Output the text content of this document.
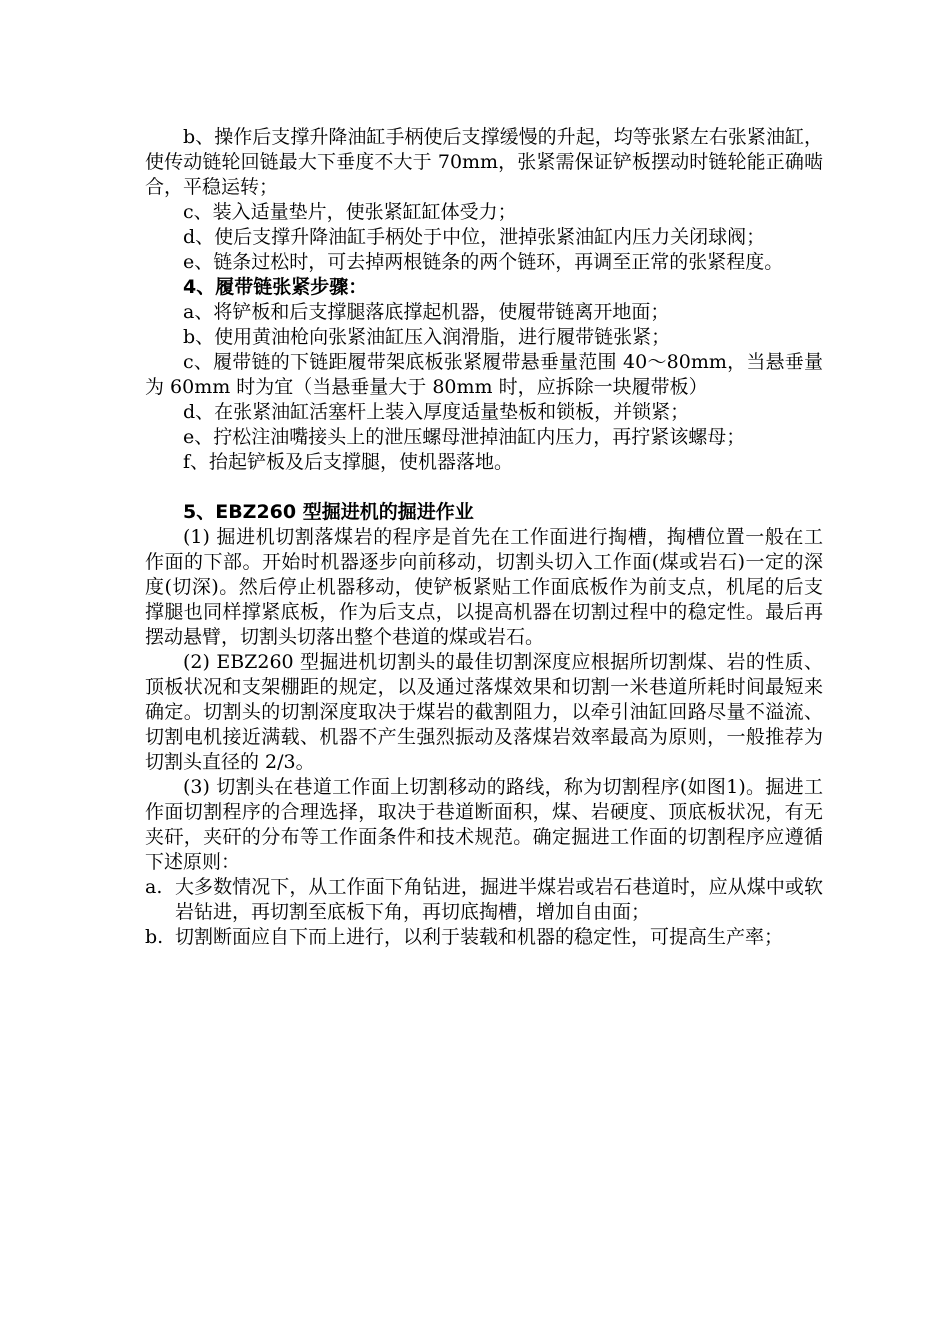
b、操作后支撑升降油缸手柄使后支撑缓慢的升起，均等张紧左右张紧油缸，使传动链轮回链最大下垂度不大于 70mm，张紧需保证铲板摆动时链轮能正确啮合，平稳运转；

c、装入适量垫片，使张紧缸缸体受力；

d、使后支撑升降油缸手柄处于中位，泄掉张紧油缸内压力关闭球阀；

e、链条过松时，可去掉两根链条的两个链环，再调至正常的张紧程度。

4、履带链张紧步骤：

a、将铲板和后支撑腿落底撑起机器，使履带链离开地面；

b、使用黄油枪向张紧油缸压入润滑脂，进行履带链张紧；

c、履带链的下链距履带架底板张紧履带悬垂量范围 40～80mm，当悬垂量为 60mm 时为宜（当悬垂量大于 80mm 时，应拆除一块履带板）

d、在张紧油缸活塞杆上装入厚度适量垫板和锁板，并锁紧；

e、拧松注油嘴接头上的泄压螺母泄掉油缸内压力，再拧紧该螺母；

f、抬起铲板及后支撑腿，使机器落地。

5、EBZ260 型掘进机的掘进作业

(1) 掘进机切割落煤岩的程序是首先在工作面进行掏槽，掏槽位置一般在工作面的下部。开始时机器逐步向前移动，切割头切入工作面(煤或岩石)一定的深度(切深)。然后停止机器移动，使铲板紧贴工作面底板作为前支点，机尾的后支撑腿也同样撑紧底板，作为后支点，以提高机器在切割过程中的稳定性。最后再摆动悬臂，切割头切落出整个巷道的煤或岩石。

(2) EBZ260 型掘进机切割头的最佳切割深度应根据所切割煤、岩的性质、顶板状况和支架棚距的规定，以及通过落煤效果和切割一米巷道所耗时间最短来确定。切割头的切割深度取决于煤岩的截割阻力，以牵引油缸回路尽量不溢流、切割电机接近满载、机器不产生强烈振动及落煤岩效率最高为原则，一般推荐为切割头直径的 2/3。

(3) 切割头在巷道工作面上切割移动的路线，称为切割程序(如图1)。掘进工作面切割程序的合理选择，取决于巷道断面积，煤、岩硬度、顶底板状况，有无夹矸，夹矸的分布等工作面条件和技术规范。确定掘进工作面的切割程序应遵循下述原则：

a. 大多数情况下，从工作面下角钻进，掘进半煤岩或岩石巷道时，应从煤中或软岩钻进，再切割至底板下角，再切底掏槽，增加自由面；
b. 切割断面应自下而上进行，以利于装载和机器的稳定性，可提高生产率；
